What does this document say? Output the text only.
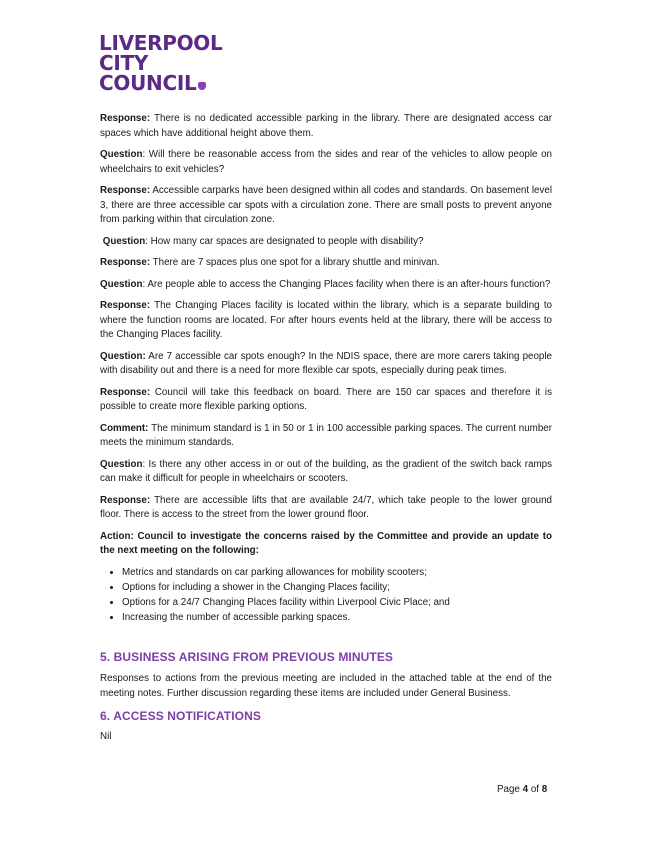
LIVERPOOL
CITY
COUNCIL

Response: There is no dedicated accessible parking in the library. There are designated access car spaces which have additional height above them.

Question: Will there be reasonable access from the sides and rear of the vehicles to allow people on wheelchairs to exit vehicles?

Response: Accessible carparks have been designed within all codes and standards. On basement level 3, there are three accessible car spots with a circulation zone. There are small posts to prevent anyone from parking within that circulation zone.

Question: How many car spaces are designated to people with disability?

Response: There are 7 spaces plus one spot for a library shuttle and minivan.

Question: Are people able to access the Changing Places facility when there is an after-hours function?

Response: The Changing Places facility is located within the library, which is a separate building to where the function rooms are located. For after hours events held at the library, there will be access to the Changing Places facility.

Question: Are 7 accessible car spots enough? In the NDIS space, there are more carers taking people with disability out and there is a need for more flexible car spots, especially during peak times.

Response: Council will take this feedback on board. There are 150 car spaces and therefore it is possible to create more flexible parking options.

Comment: The minimum standard is 1 in 50 or 1 in 100 accessible parking spaces. The current number meets the minimum standards.

Question: Is there any other access in or out of the building, as the gradient of the switch back ramps can make it difficult for people in wheelchairs or scooters.

Response: There are accessible lifts that are available 24/7, which take people to the lower ground floor. There is access to the street from the lower ground floor.

Action: Council to investigate the concerns raised by the Committee and provide an update to the next meeting on the following:

• Metrics and standards on car parking allowances for mobility scooters;
• Options for including a shower in the Changing Places facility;
• Options for a 24/7 Changing Places facility within Liverpool Civic Place; and
• Increasing the number of accessible parking spaces.
5. BUSINESS ARISING FROM PREVIOUS MINUTES

Responses to actions from the previous meeting are included in the attached table at the end of the meeting notes. Further discussion regarding these items are included under General Business.

6. ACCESS NOTIFICATIONS

Nil

Page 4 of 8
